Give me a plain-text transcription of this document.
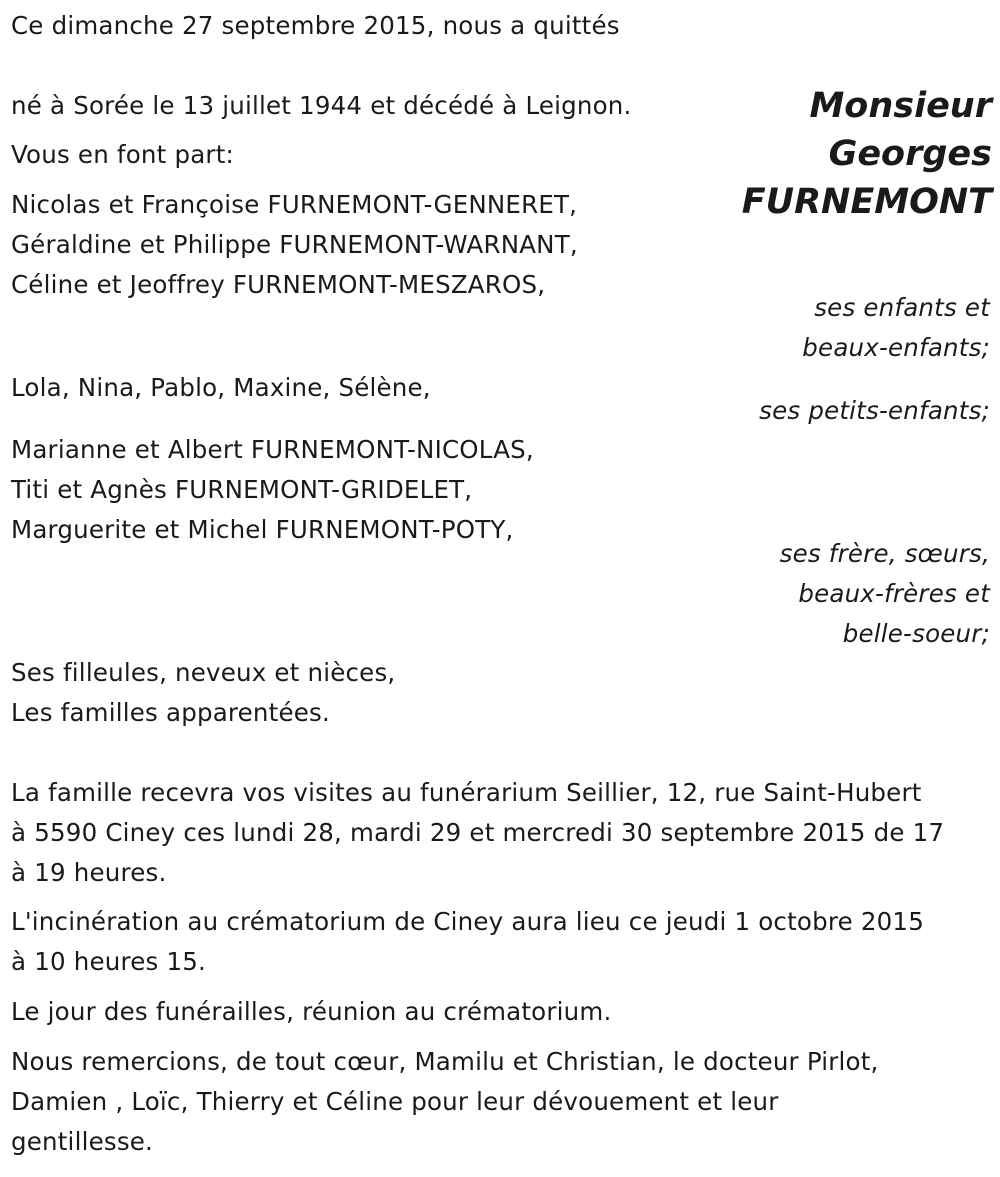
Ce dimanche 27 septembre 2015, nous a quittés
Monsieur
Georges
FURNEMONT
né à Sorée le 13 juillet 1944 et décédé à Leignon.
Vous en font part:
Nicolas et Françoise FURNEMONT-GENNERET,
Géraldine et Philippe FURNEMONT-WARNANT,
Céline et Jeoffrey FURNEMONT-MESZAROS,
ses enfants et
beaux-enfants;
Lola, Nina, Pablo, Maxine, Sélène,
ses petits-enfants;
Marianne et Albert FURNEMONT-NICOLAS,
Titi et Agnès FURNEMONT-GRIDELET,
Marguerite et Michel FURNEMONT-POTY,
ses frère, sœurs,
beaux-frères et
belle-soeur;
Ses filleules, neveux et nièces,
Les familles apparentées.
La famille recevra vos visites au funérarium Seillier, 12, rue Saint-Hubert
à 5590 Ciney ces lundi 28, mardi 29 et mercredi 30 septembre 2015 de 17
à 19 heures.
L'incinération au crématorium de Ciney aura lieu ce jeudi 1 octobre 2015
à 10 heures 15.
Le jour des funérailles, réunion au crématorium.
Nous remercions, de tout cœur, Mamilu et Christian, le docteur Pirlot,
Damien , Loïc, Thierry et Céline pour leur dévouement et leur
gentillesse.
